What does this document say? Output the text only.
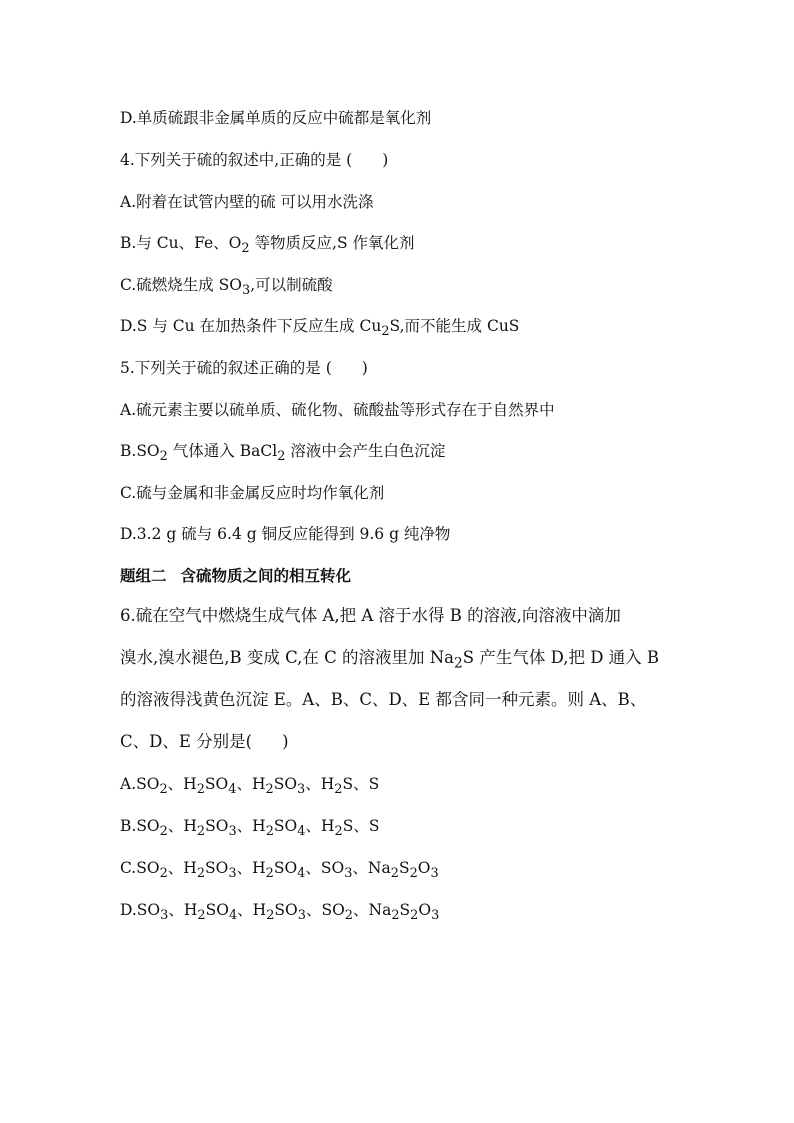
D.单质硫跟非金属单质的反应中硫都是氧化剂
4.下列关于硫的叙述中,正确的是 ( )
A.附着在试管内壁的硫 可以用水洗涤
B.与 Cu、Fe、$O_2$ 等物质反应,S 作氧化剂
C.硫燃烧生成 $SO_3$,可以制硫酸
D.S 与 Cu 在加热条件下反应生成 $Cu_2S$,而不能生成 CuS
5.下列关于硫的叙述正确的是 ( )
A.硫元素主要以硫单质、硫化物、硫酸盐等形式存在于自然界中
$B.SO_2$ 气体通入 BaCl$_2$ 溶液中会产生白色沉淀
C.硫与金属和非金属反应时均作氧化剂
D.3.2 g 硫与 6.4 g 铜反应能得到 9.6 g 纯净物
题组二 含硫物质之间的相互转化
6.硫在空气中燃烧生成气体 A,把 A 溶于水得 B 的溶液,向溶液中滴加
溴水,溴水褪色,B 变成 C,在 C 的溶液里加 $Na_2S$ 产生气体 D,把 D 通入 B
的溶液得浅黄色沉淀 E。A、B、C、D、E 都含同一种元素。则 A、B、
C、D、E 分别是( )
$A.SO_2$、$H_2SO_4$、$H_2SO_3$、$H_2S$、S
$B.SO_2$、$H_2SO_3$、$H_2SO_4$、$H_2S$、S
$C.SO_2$、$H_2SO_3$、$H_2SO_4$、$SO_3$、$Na_2S_2O_3$
$D.SO_3$、$H_2SO_4$、$H_2SO_3$、$SO_2$、$Na_2S_2O_3$
